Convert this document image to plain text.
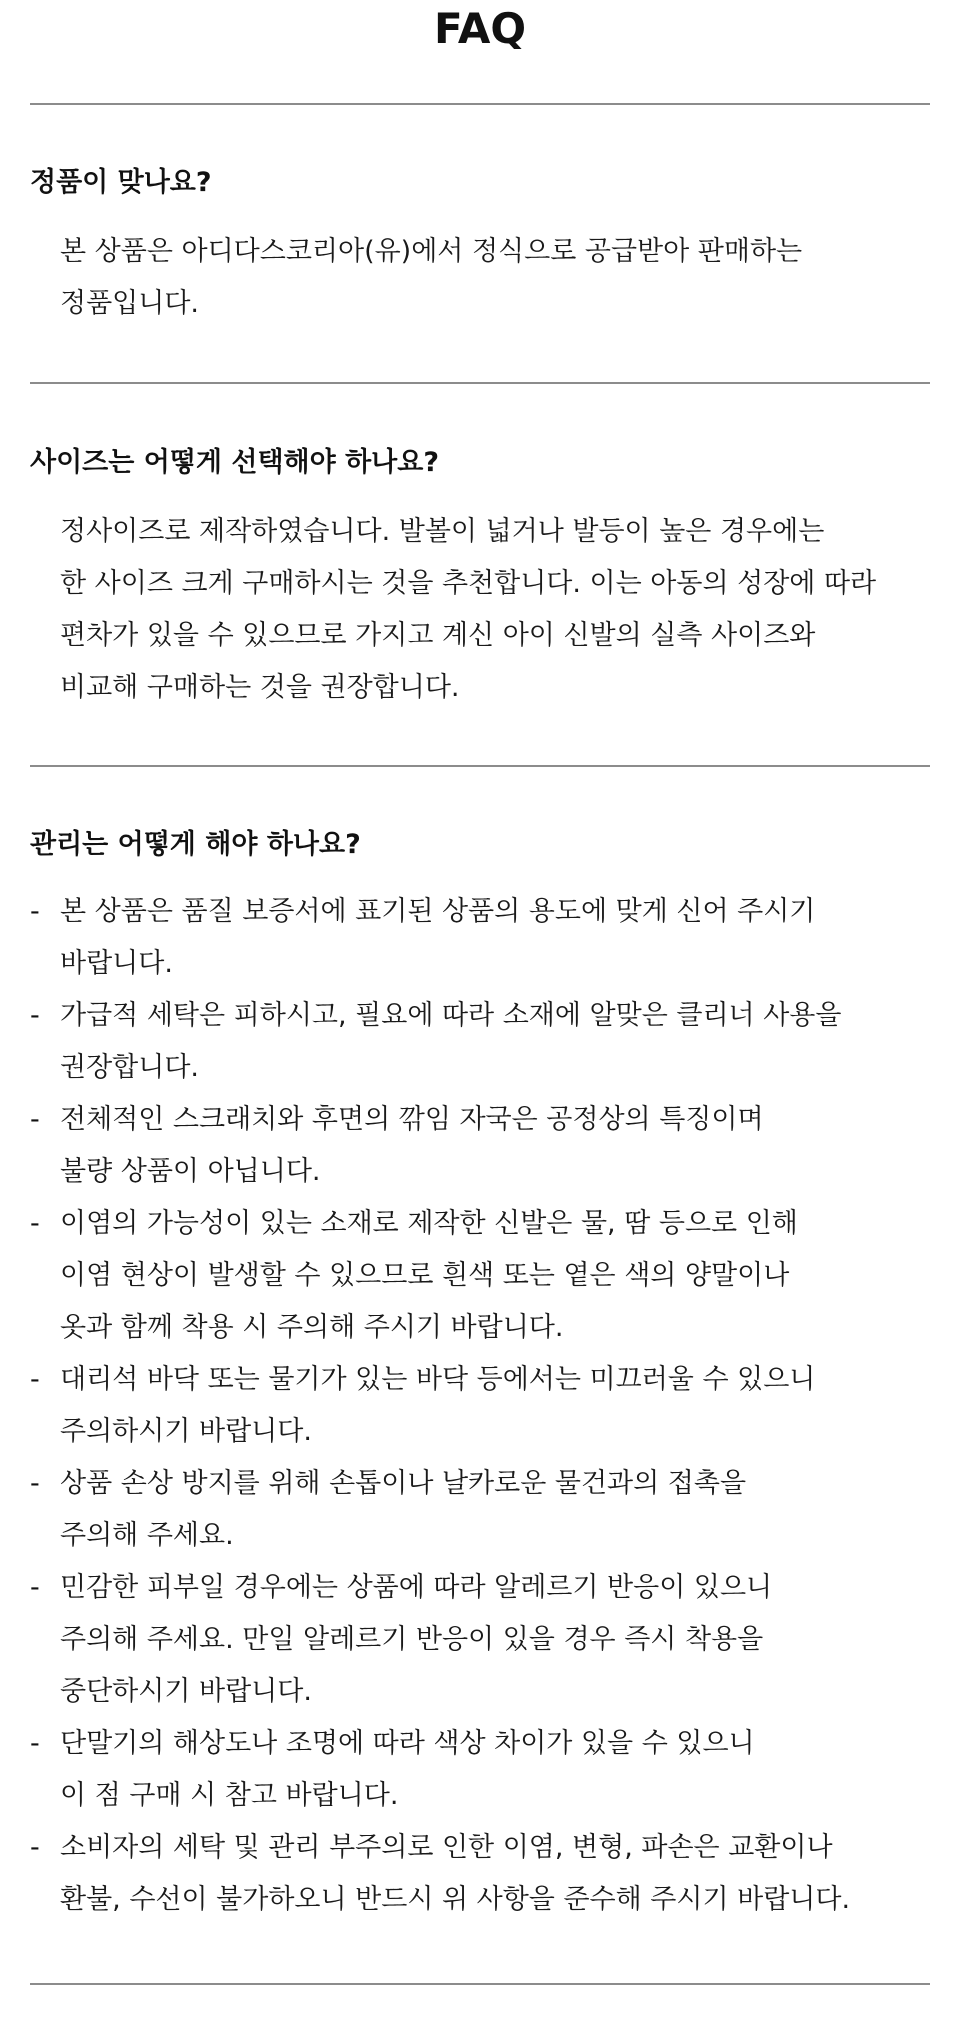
FAQ
정품이 맞나요?
본 상품은 아디다스코리아(유)에서 정식으로 공급받아 판매하는
정품입니다.
사이즈는 어떻게 선택해야 하나요?
정사이즈로 제작하였습니다. 발볼이 넓거나 발등이 높은 경우에는
한 사이즈 크게 구매하시는 것을 추천합니다. 이는 아동의 성장에 따라
편차가 있을 수 있으므로 가지고 계신 아이 신발의 실측 사이즈와
비교해 구매하는 것을 권장합니다.
관리는 어떻게 해야 하나요?
- 본 상품은 품질 보증서에 표기된 상품의 용도에 맞게 신어 주시기
바랍니다.
- 가급적 세탁은 피하시고, 필요에 따라 소재에 알맞은 클리너 사용을
권장합니다.
- 전체적인 스크래치와 후면의 깎임 자국은 공정상의 특징이며
불량 상품이 아닙니다.
- 이염의 가능성이 있는 소재로 제작한 신발은 물, 땀 등으로 인해
이염 현상이 발생할 수 있으므로 흰색 또는 옅은 색의 양말이나
옷과 함께 착용 시 주의해 주시기 바랍니다.
- 대리석 바닥 또는 물기가 있는 바닥 등에서는 미끄러울 수 있으니
주의하시기 바랍니다.
- 상품 손상 방지를 위해 손톱이나 날카로운 물건과의 접촉을
주의해 주세요.
- 민감한 피부일 경우에는 상품에 따라 알레르기 반응이 있으니
주의해 주세요. 만일 알레르기 반응이 있을 경우 즉시 착용을
중단하시기 바랍니다.
- 단말기의 해상도나 조명에 따라 색상 차이가 있을 수 있으니
이 점 구매 시 참고 바랍니다.
- 소비자의 세탁 및 관리 부주의로 인한 이염, 변형, 파손은 교환이나
환불, 수선이 불가하오니 반드시 위 사항을 준수해 주시기 바랍니다.
